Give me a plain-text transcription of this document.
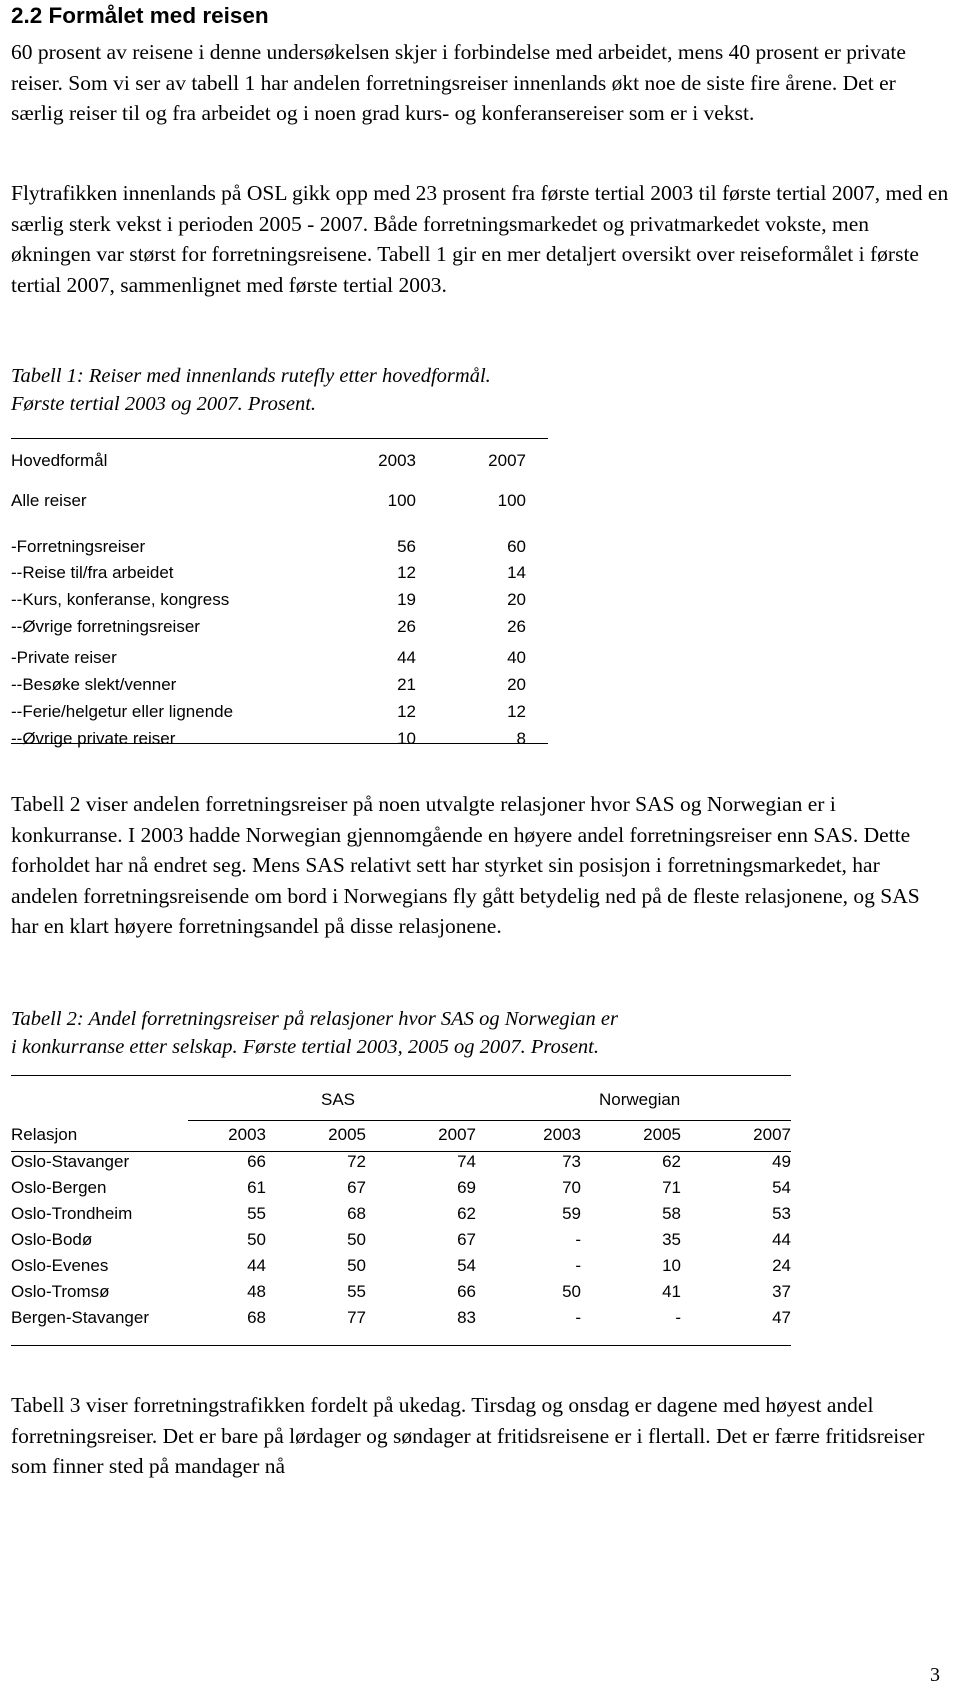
2.2 Formålet med reisen

60 prosent av reisene i denne undersøkelsen skjer i forbindelse med arbeidet, mens 40 prosent er private reiser. Som vi ser av tabell 1 har andelen forretningsreiser innenlands økt noe de siste fire årene. Det er særlig reiser til og fra arbeidet og i noen grad kurs- og konferansereiser som er i vekst.

Flytrafikken innenlands på OSL gikk opp med 23 prosent fra første tertial 2003 til første tertial 2007, med en særlig sterk vekst i perioden 2005 - 2007. Både forretningsmarkedet og privatmarkedet vokste, men økningen var størst for forretningsreisene. Tabell 1 gir en mer detaljert oversikt over reiseformålet i første tertial 2007, sammenlignet med første tertial 2003.

Tabell 1: Reiser med innenlands rutefly etter hovedformål.

Første tertial 2003 og 2007. Prosent.

Hovedformål	2003	2007
Alle reiser	100	100
-Forretningsreiser	56	60
--Reise til/fra arbeidet	12	14
--Kurs, konferanse, kongress	19	20
--Øvrige forretningsreiser	26	26
-Private reiser	44	40
--Besøke slekt/venner	21	20
--Ferie/helgetur eller lignende	12	12
--Øvrige private reiser	10	8

Tabell 2 viser andelen forretningsreiser på noen utvalgte relasjoner hvor SAS og Norwegian er i konkurranse. I 2003 hadde Norwegian gjennomgående en høyere andel forretningsreiser enn SAS. Dette forholdet har nå endret seg. Mens SAS relativt sett har styrket sin posisjon i forretningsmarkedet, har andelen forretningsreisende om bord i Norwegians fly gått betydelig ned på de fleste relasjonene, og SAS har en klart høyere forretningsandel på disse relasjonene.

Tabell 2: Andel forretningsreiser på relasjoner hvor SAS og Norwegian er

i konkurranse etter selskap. Første tertial 2003, 2005 og 2007. Prosent.

SAS	Norwegian
Relasjon	2003	2005	2007	2003	2005	2007
Oslo-Stavanger	66	72	74	73	62	49
Oslo-Bergen	61	67	69	70	71	54
Oslo-Trondheim	55	68	62	59	58	53
Oslo-Bodø	50	50	67	-	35	44
Oslo-Evenes	44	50	54	-	10	24
Oslo-Tromsø	48	55	66	50	41	37
Bergen-Stavanger	68	77	83	-	-	47

Tabell 3 viser forretningstrafikken fordelt på ukedag. Tirsdag og onsdag er dagene med høyest andel forretningsreiser. Det er bare på lørdager og søndager at fritidsreisene er i flertall. Det er færre fritidsreiser som finner sted på mandager nå

3
